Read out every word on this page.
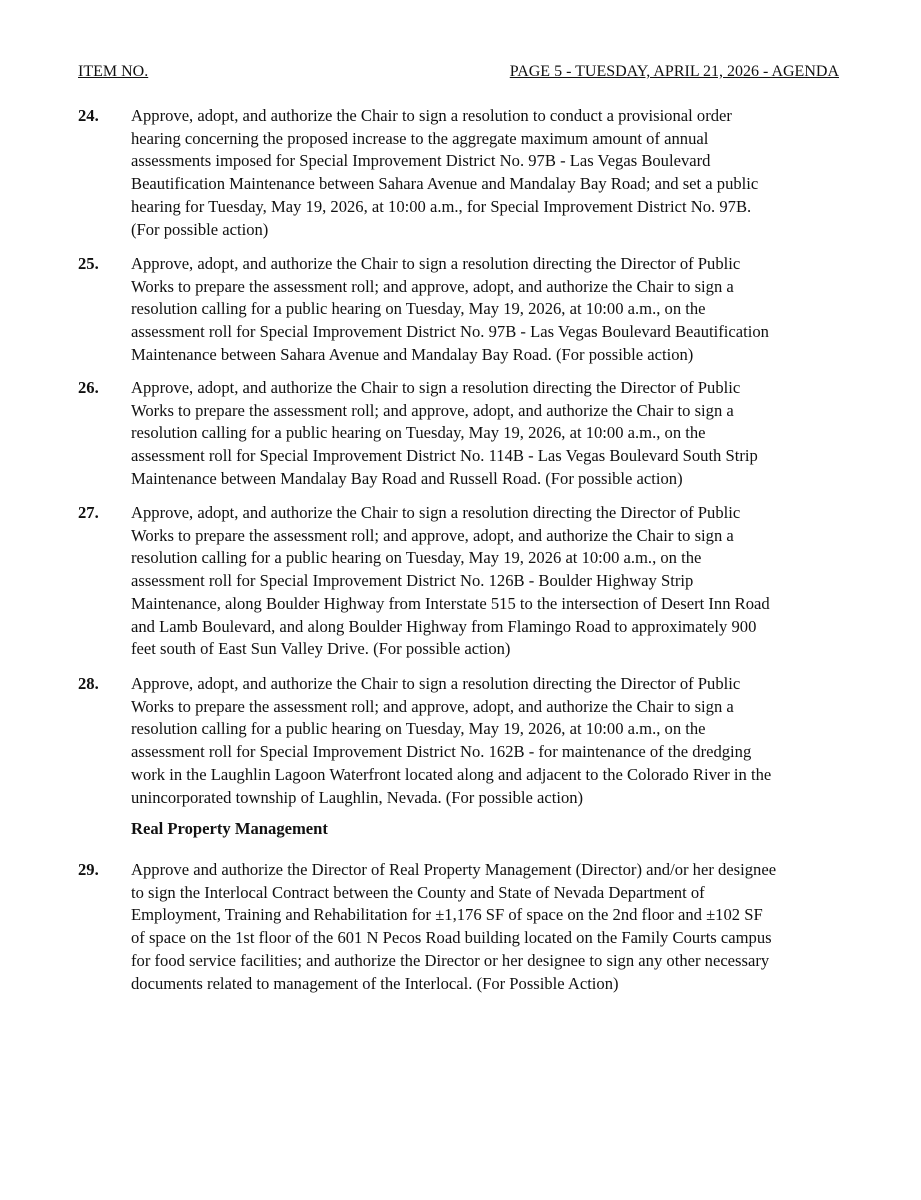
ITEM NO.	PAGE 5 - TUESDAY, APRIL 21, 2026 - AGENDA
24.	Approve, adopt, and authorize the Chair to sign a resolution to conduct a provisional order
hearing concerning the proposed increase to the aggregate maximum amount of annual
assessments imposed for Special Improvement District No. 97B - Las Vegas Boulevard
Beautification Maintenance between Sahara Avenue and Mandalay Bay Road; and set a public
hearing for Tuesday, May 19, 2026, at 10:00 a.m., for Special Improvement District No. 97B.
(For possible action)
25.	Approve, adopt, and authorize the Chair to sign a resolution directing the Director of Public
Works to prepare the assessment roll; and approve, adopt, and authorize the Chair to sign a
resolution calling for a public hearing on Tuesday, May 19, 2026, at 10:00 a.m., on the
assessment roll for Special Improvement District No. 97B - Las Vegas Boulevard Beautification
Maintenance between Sahara Avenue and Mandalay Bay Road. (For possible action)
26.	Approve, adopt, and authorize the Chair to sign a resolution directing the Director of Public
Works to prepare the assessment roll; and approve, adopt, and authorize the Chair to sign a
resolution calling for a public hearing on Tuesday, May 19, 2026, at 10:00 a.m., on the
assessment roll for Special Improvement District No. 114B - Las Vegas Boulevard South Strip
Maintenance between Mandalay Bay Road and Russell Road. (For possible action)
27.	Approve, adopt, and authorize the Chair to sign a resolution directing the Director of Public
Works to prepare the assessment roll; and approve, adopt, and authorize the Chair to sign a
resolution calling for a public hearing on Tuesday, May 19, 2026 at 10:00 a.m., on the
assessment roll for Special Improvement District No. 126B - Boulder Highway Strip
Maintenance, along Boulder Highway from Interstate 515 to the intersection of Desert Inn Road
and Lamb Boulevard, and along Boulder Highway from Flamingo Road to approximately 900
feet south of East Sun Valley Drive. (For possible action)
28.	Approve, adopt, and authorize the Chair to sign a resolution directing the Director of Public
Works to prepare the assessment roll; and approve, adopt, and authorize the Chair to sign a
resolution calling for a public hearing on Tuesday, May 19, 2026, at 10:00 a.m., on the
assessment roll for Special Improvement District No. 162B - for maintenance of the dredging
work in the Laughlin Lagoon Waterfront located along and adjacent to the Colorado River in the
unincorporated township of Laughlin, Nevada. (For possible action)
Real Property Management
29.	Approve and authorize the Director of Real Property Management (Director) and/or her designee
to sign the Interlocal Contract between the County and State of Nevada Department of
Employment, Training and Rehabilitation for ±1,176 SF of space on the 2nd floor and ±102 SF
of space on the 1st floor of the 601 N Pecos Road building located on the Family Courts campus
for food service facilities; and authorize the Director or her designee to sign any other necessary
documents related to management of the Interlocal. (For Possible Action)
